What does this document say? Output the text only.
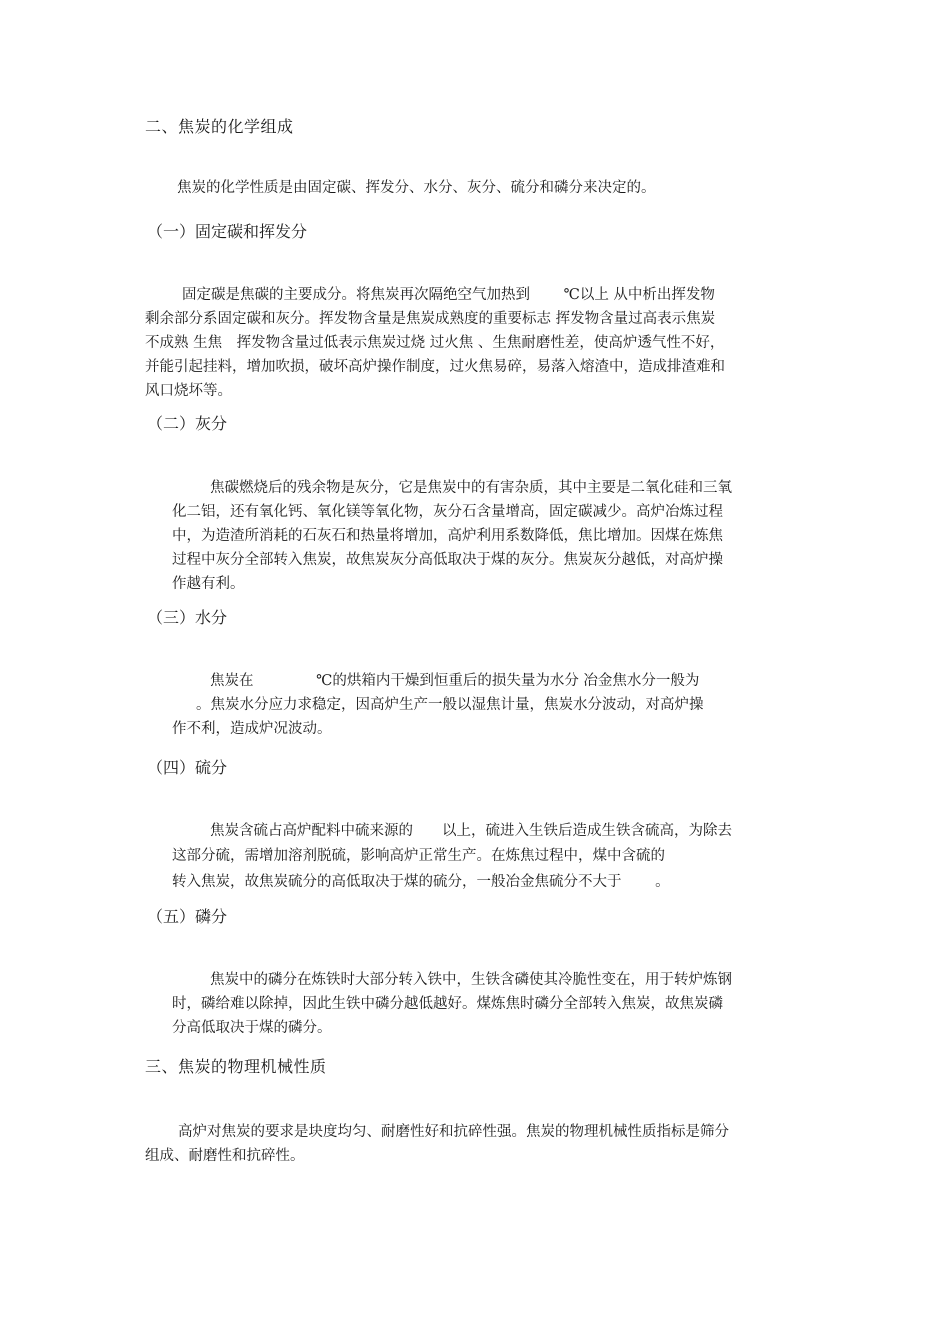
二、焦炭的化学组成
焦炭的化学性质是由固定碳、挥发分、水分、灰分、硫分和磷分来决定的。
（一）固定碳和挥发分
固定碳是焦碳的主要成分。将焦炭再次隔绝空气加热到　　 ℃以上 从中析出挥发物
剩余部分系固定碳和灰分。挥发物含量是焦炭成熟度的重要标志 挥发物含量过高表示焦炭
不成熟 生焦　挥发物含量过低表示焦炭过烧 过火焦 、生焦耐磨性差，使高炉透气性不好，
并能引起挂料，增加吹损，破坏高炉操作制度，过火焦易碎，易落入熔渣中，造成排渣难和
风口烧坏等。
（二）灰分
焦碳燃烧后的残余物是灰分，它是焦炭中的有害杂质，其中主要是二氧化硅和三氧
化二铝，还有氧化钙、氧化镁等氧化物，灰分石含量增高，固定碳减少。高炉冶炼过程
中，为造渣所消耗的石灰石和热量将增加，高炉利用系数降低，焦比增加。因煤在炼焦
过程中灰分全部转入焦炭，故焦炭灰分高低取决于煤的灰分。焦炭灰分越低，对高炉操
作越有利。
（三）水分
焦炭在　　　　 ℃的烘箱内干燥到恒重后的损失量为水分 冶金焦水分一般为
。焦炭水分应力求稳定，因高炉生产一般以湿焦计量，焦炭水分波动，对高炉操
作不利，造成炉况波动。
（四）硫分
焦炭含硫占高炉配料中硫来源的　　以上，硫进入生铁后造成生铁含硫高，为除去
这部分硫，需增加溶剂脱硫，影响高炉正常生产。在炼焦过程中，煤中含硫的
转入焦炭，故焦炭硫分的高低取决于煤的硫分，一般冶金焦硫分不大于　　 。
（五）磷分
焦炭中的磷分在炼铁时大部分转入铁中，生铁含磷使其冷脆性变在，用于转炉炼钢
时，磷给难以除掉，因此生铁中磷分越低越好。煤炼焦时磷分全部转入焦炭，故焦炭磷
分高低取决于煤的磷分。
三、焦炭的物理机械性质
高炉对焦炭的要求是块度均匀、耐磨性好和抗碎性强。焦炭的物理机械性质指标是筛分
组成、耐磨性和抗碎性。
